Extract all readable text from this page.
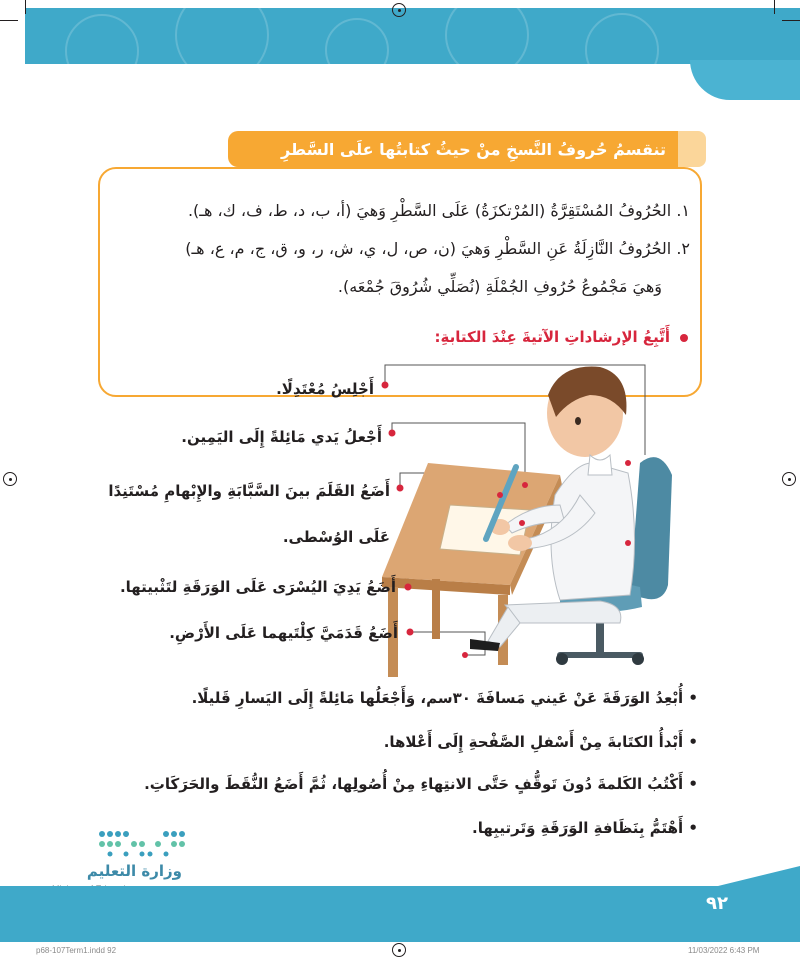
تنقسمُ حُروفُ النَّسخِ منْ حيثُ كتابتُها علَى السَّطرِ
١. الحُرُوفُ المُسْتَقِرَّةُ (المُرْتكزَةُ) عَلَى السَّطْرِ وَهيَ (أ، ب، د، ط، ف، ك، هـ).
٢. الحُرُوفُ النَّازِلَةُ عَنِ السَّطْرِ وَهيَ (ن، ص، ل، ي، ش، ر، و، ق، ج، م، ع، هـ)
وَهيَ مَجْمُوعُ حُرُوفِ الجُمْلَةِ (نُصَلِّي شُرُوقَ جُمْعَه).
أَتَّبِعُ الإرشاداتِ الآتيةَ عِنْدَ الكتابةِ:
أَجْلِسُ مُعْتَدِلًا.
أَجْعلُ يَدي مَائِلةً إِلَى اليَمِين.
أَضَعُ القَلَمَ بينَ السَّبَّابَةِ والإِبْهامِ مُسْتَنِدًا
عَلَى الوُسْطى.
أَضَعُ يَدِيَ اليُسْرَى عَلَى الوَرَقَةِ لتَثْبيتها.
أَضَعُ قَدَمَيَّ كِلْتَيهما عَلَى الأَرْضِ.
• أُبْعِدُ الوَرَقَةَ عَنْ عَيني مَسافَةَ ٣٠سم، وَأَجْعَلُها مَائِلةً إِلَى اليَسارِ قَليلًا.
• أَبْدأُ الكتَابةَ مِنْ أَسْفلِ الصَّفْحةِ إِلَى أَعْلاها.
• أَكْتُبُ الكَلمةَ دُونَ تَوقُّفٍ حَتَّى الانتِهاءِ مِنْ أُصُولِها، ثُمَّ أَضَعُ النُّقَطَ والحَرَكَاتِ.
• أَهْتَمُّ بِنَظَافةِ الوَرَقَةِ وَتَرتيبِها.
وزارة التعليم
٩٢
p68-107Term1.indd 92	11/03/2022 6:43 PM
